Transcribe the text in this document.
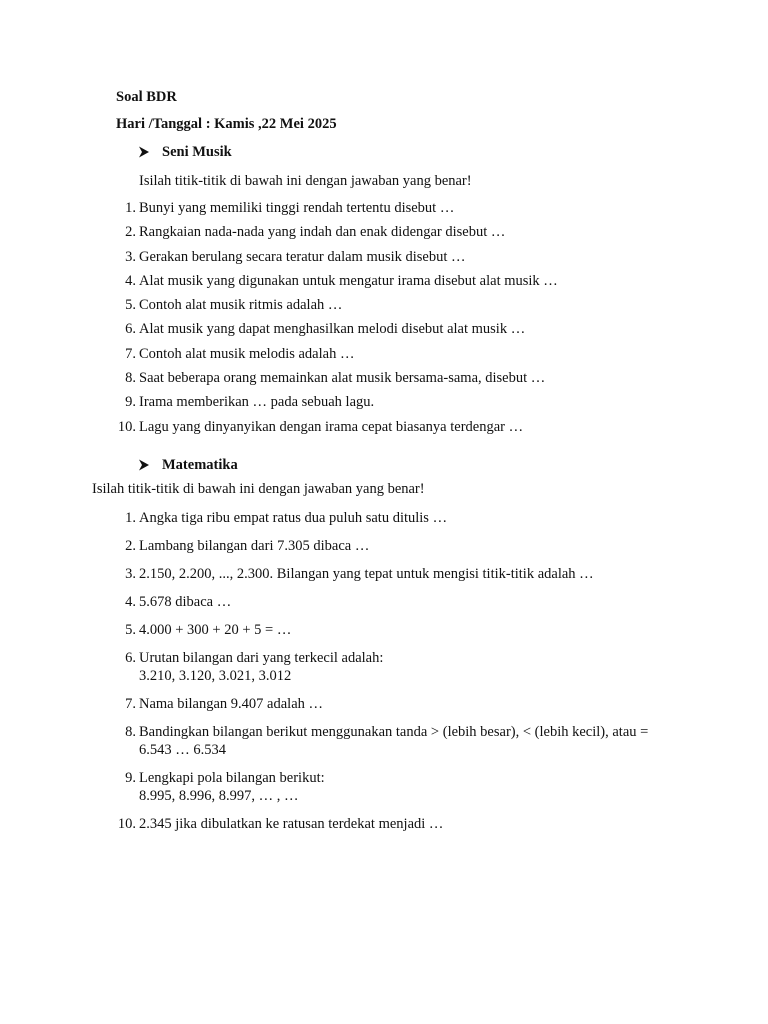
Soal BDR
Hari /Tanggal : Kamis ,22 Mei 2025
Seni Musik
Isilah titik-titik di bawah ini dengan jawaban yang benar!
1. Bunyi yang memiliki tinggi rendah tertentu disebut …
2. Rangkaian nada-nada yang indah dan enak didengar disebut …
3. Gerakan berulang secara teratur dalam musik disebut …
4. Alat musik yang digunakan untuk mengatur irama disebut alat musik …
5. Contoh alat musik ritmis adalah …
6. Alat musik yang dapat menghasilkan melodi disebut alat musik …
7. Contoh alat musik melodis adalah …
8. Saat beberapa orang memainkan alat musik bersama-sama, disebut …
9. Irama memberikan … pada sebuah lagu.
10. Lagu yang dinyanyikan dengan irama cepat biasanya terdengar …
Matematika
Isilah titik-titik di bawah ini dengan jawaban yang benar!
1. Angka tiga ribu empat ratus dua puluh satu ditulis …
2. Lambang bilangan dari 7.305 dibaca …
3. 2.150, 2.200, ..., 2.300. Bilangan yang tepat untuk mengisi titik-titik adalah …
4. 5.678 dibaca …
5. 4.000 + 300 + 20 + 5 = …
6. Urutan bilangan dari yang terkecil adalah:
3.210, 3.120, 3.021, 3.012
7. Nama bilangan 9.407 adalah …
8. Bandingkan bilangan berikut menggunakan tanda > (lebih besar), < (lebih kecil), atau =
6.543 … 6.534
9. Lengkapi pola bilangan berikut:
8.995, 8.996, 8.997, … , …
10. 2.345 jika dibulatkan ke ratusan terdekat menjadi …
